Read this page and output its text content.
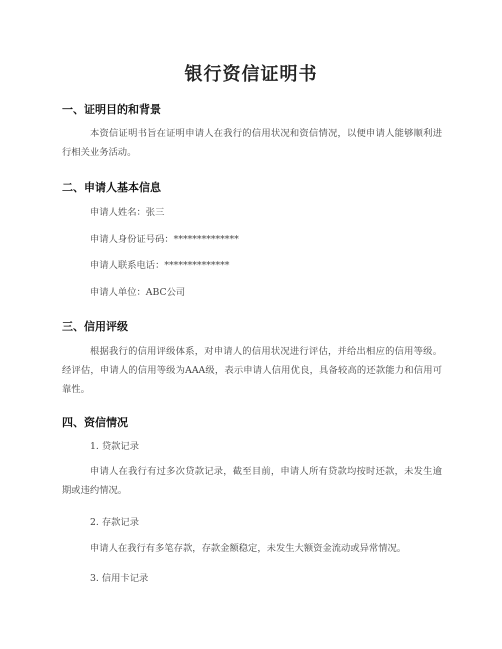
银行资信证明书
一、证明目的和背景
本资信证明书旨在证明申请人在我行的信用状况和资信情况，以便申请人能够顺利进行相关业务活动。
二、申请人基本信息
申请人姓名：张三
申请人身份证号码：**************
申请人联系电话：**************
申请人单位：ABC公司
三、信用评级
根据我行的信用评级体系，对申请人的信用状况进行评估，并给出相应的信用等级。经评估，申请人的信用等级为AAA级，表示申请人信用优良，具备较高的还款能力和信用可靠性。
四、资信情况
1. 贷款记录
申请人在我行有过多次贷款记录，截至目前，申请人所有贷款均按时还款，未发生逾期或违约情况。
2. 存款记录
申请人在我行有多笔存款，存款金额稳定，未发生大额资金流动或异常情况。
3. 信用卡记录
